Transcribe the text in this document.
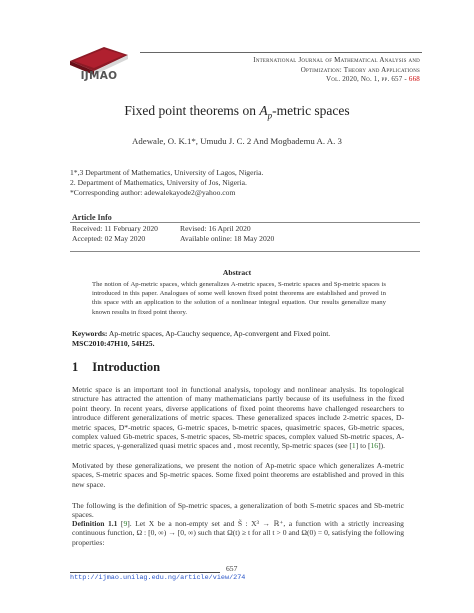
IJMAO
International Journal of Mathematical Analysis and
Optimization: Theory and Applications
Vol. 2020, No. 1, pp. 657 - 668
Fixed point theorems on $A_p$-metric spaces
Adewale, O. K.1*, Umudu J. C. 2 And Mogbademu A. A. 3
1*,3 Department of Mathematics, University of Lagos, Nigeria.
2. Department of Mathematics, University of Jos, Nigeria.
*Corresponding author: adewalekayode2@yahoo.com
Article Info
Received: 11 February 2020
Accepted: 02 May 2020
Revised: 16 April 2020
Available online: 18 May 2020
Abstract
The notion of Ap-metric spaces, which generalizes A-metric spaces, S-metric spaces and Sp-metric spaces is introduced in this paper. Analogues of some well known fixed point theorems are established and proved in this space with an application to the solution of a nonlinear integral equation. Our results generalize many known results in fixed point theory.
Keywords: Ap-metric spaces, Ap-Cauchy sequence, Ap-convergent and Fixed point.
MSC2010:47H10, 54H25.
1 Introduction
Metric space is an important tool in functional analysis, topology and nonlinear analysis. Its topological structure has attracted the attention of many mathematicians partly because of its usefulness in the fixed point theory. In recent years, diverse applications of fixed point theorems have challenged researchers to introduce different generalizations of metric spaces. These generalized spaces include 2-metric spaces, D-metric spaces, D*-metric spaces, G-metric spaces, b-metric spaces, quasimetric spaces, Gb-metric spaces, complex valued Gb-metric spaces, S-metric spaces, Sb-metric spaces, complex valued Sb-metric spaces, A-metric spaces, γ-generalized quasi metric spaces and , most recently, Sp-metric spaces (see [1] to [16]).
Motivated by these generalizations, we present the notion of Ap-metric space which generalizes A-metric spaces, S-metric spaces and Sp-metric spaces. Some fixed point theorems are established and proved in this new space.
The following is the definition of Sp-metric spaces, a generalization of both S-metric spaces and Sb-metric spaces.
Definition 1.1 [9]. Let X be a non-empty set and S̃ : X³ → ℝ⁺, a function with a strictly increasing continuous function, Ω : [0, ∞) → [0, ∞) such that Ω(t) ≥ t for all t > 0 and Ω(0) = 0, satisfying the following properties:
657
http://ijmao.unilag.edu.ng/article/view/274
